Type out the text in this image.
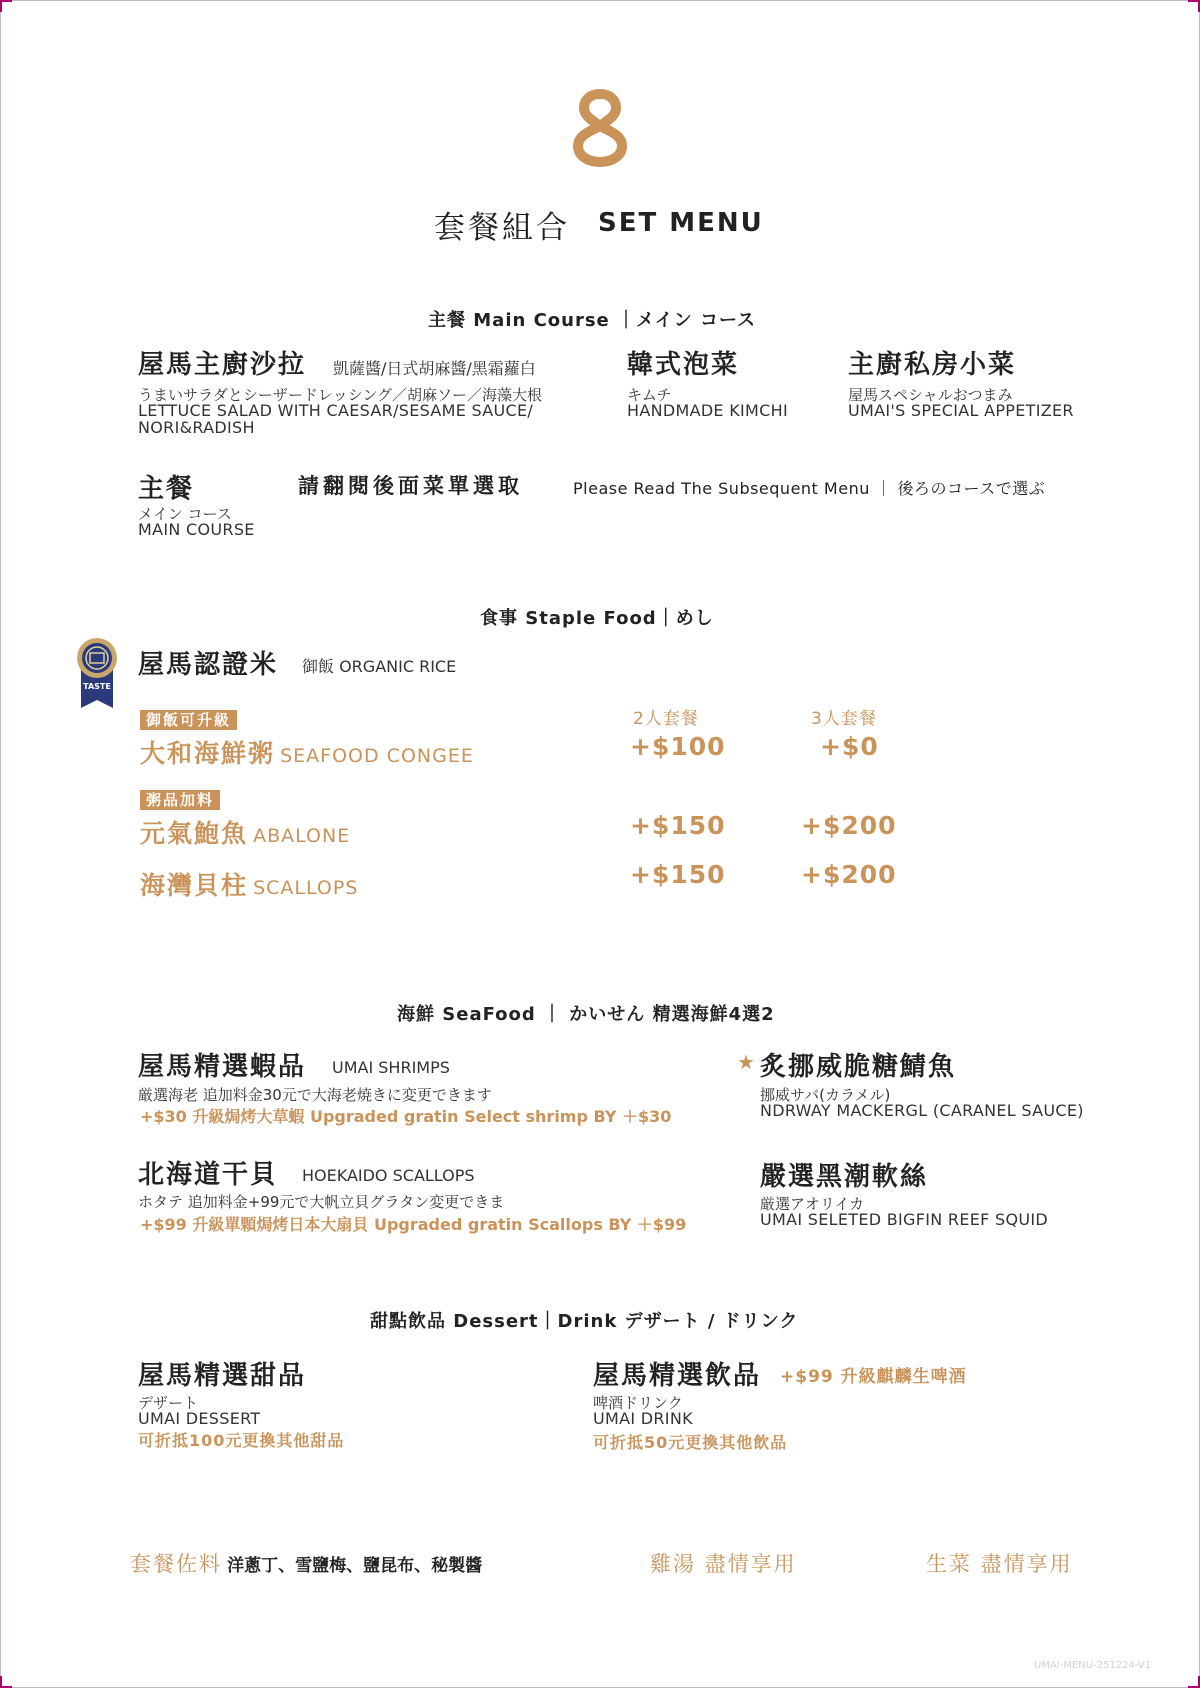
套餐組合 SET MENU
主餐 Main Course ｜メイン コース
屋馬主廚沙拉 凱薩醬/日式胡麻醬/黑霜蘿白
うまいサラダとシーザードレッシング／胡麻ソー／海藻大根
LETTUCE SALAD WITH CAESAR/SESAME SAUCE/
NORI&RADISH
韓式泡菜
キムチ
HANDMADE KIMCHI
主廚私房小菜
屋馬スペシャルおつまみ
UMAI'S SPECIAL APPETIZER
主餐
メイン コース
MAIN COURSE
請翻閱後面菜單選取	Please Read The Subsequent Menu ｜ 後ろのコースで選ぶ
食事 Staple Food｜めし
TASTE
屋馬認證米 御飯 ORGANIC RICE
2人套餐	3人套餐
御飯可升級
大和海鮮粥 SEAFOOD CONGEE	+$100	+$0
粥品加料
元氣鮑魚 ABALONE	+$150	+$200
海灣貝柱 SCALLOPS	+$150	+$200
海鮮 SeaFood ｜ かいせん 精選海鮮4選2
屋馬精選蝦品 UMAI SHRIMPS
厳選海老 追加料金30元で大海老焼きに変更できます
+$30 升級焗烤大草蝦 Upgraded gratin Select shrimp BY ＋$30
北海道干貝 HOEKAIDO SCALLOPS
ホタテ 追加料金+99元で大帆立貝グラタン変更できま
+$99 升級單顆焗烤日本大扇貝 Upgraded gratin Scallops BY ＋$99
★ 炙挪威脆糖鯖魚
挪威サバ(カラメル)
NDRWAY MACKERGL (CARANEL SAUCE)
嚴選黑潮軟絲
厳選アオリイカ
UMAI SELETED BIGFIN REEF SQUID
甜點飲品 Dessert｜Drink デザート / ドリンク
屋馬精選甜品
デザート
UMAI DESSERT
可折抵100元更換其他甜品
屋馬精選飲品 +$99 升級麒麟生啤酒
啤酒ドリンク
UMAI DRINK
可折抵50元更換其他飲品
套餐佐料 洋蔥丁、雪鹽梅、鹽昆布、秘製醬	雞湯 盡情享用	生菜 盡情享用
UMAI-MENU-251224-V1
